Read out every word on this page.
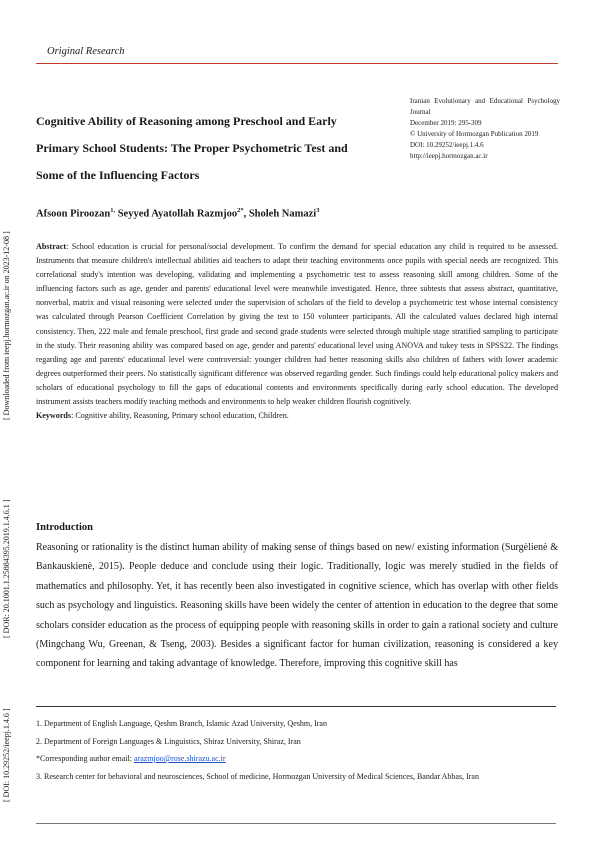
Original Research
[ Downloaded from ieepj.hormozgan.ac.ir on 2023-12-08 ]
[ DOR: 20.1001.1.25884395.2019.1.4.6.1 ]
[ DOI: 10.29252/ieepj.1.4.6 ]
Cognitive Ability of Reasoning among Preschool and Early Primary School Students: The Proper Psychometric Test and Some of the Influencing Factors
Iranian Evolutionary and Educational Psychology Journal
December 2019: 295-309
© University of Hormozgan Publication 2019
DOI: 10.29252/ieepj.1.4.6
http://ieepj.hormozgan.ac.ir
Afsoon Piroozan$^{1,}$ Seyyed Ayatollah Razmjoo$^{2*}$, Sholeh Namazi$^3$

Abstract: School education is crucial for personal/social development. To confirm the demand for special education any child is required to be assessed. Instruments that measure children's intellectual abilities aid teachers to adapt their teaching environments once pupils with special needs are recognized. This correlational study's intention was developing, validating and implementing a psychometric test to assess reasoning skill among children. Some of the influencing factors such as age, gender and parents' educational level were meanwhile investigated. Hence, three subtests that assess abstract, quantitative, nonverbal, matrix and visual reasoning were selected under the supervision of scholars of the field to develop a psychometric test whose internal consistency was calculated through Pearson Coefficient Correlation by giving the test to 150 volunteer participants. All the calculated values declared high internal consistency. Then, 222 male and female preschool, first grade and second grade students were selected through multiple stage stratified sampling to participate in the study. Their reasoning ability was compared based on age, gender and parents' educational level using ANOVA and tukey tests in SPSS22. The findings regarding age and parents' educational level were controversial: younger children had better reasoning skills also children of fathers with lower academic degrees outperformed their peers. No statistically significant difference was observed regarding gender. Such findings could help educational policy makers and scholars of educational psychology to fill the gaps of educational contents and environments specifically during early school education. The developed instrument assists teachers modify teaching methods and environments to help weaker children flourish cognitively.
Keywords: Cognitive ability, Reasoning, Primary school education, Children.

Introduction

Reasoning or rationality is the distinct human ability of making sense of things based on new/ existing information (Surgėlienė & Bankauskienė, 2015). People deduce and conclude using their logic. Traditionally, logic was merely studied in the fields of mathematics and philosophy. Yet, it has recently been also investigated in cognitive science, which has overlap with other fields such as psychology and linguistics. Reasoning skills have been widely the center of attention in education to the degree that some scholars consider education as the process of equipping people with reasoning skills in order to gain a rational society and culture (Mingchang Wu, Greenan, & Tseng, 2003). Besides a significant factor for human civilization, reasoning is considered a key component for learning and taking advantage of knowledge. Therefore, improving this cognitive skill has

1. Department of English Language, Qeshm Branch, Islamic Azad University, Qeshm, Iran
2. Department of Foreign Languages & Linguistics, Shiraz University, Shiraz, Iran
*Corresponding author email: arazmjoo@rose.shirazu.ac.ir
3. Research center for behavioral and neurosciences, School of medicine, Hormozgan University of Medical Sciences, Bandar Abbas, Iran
